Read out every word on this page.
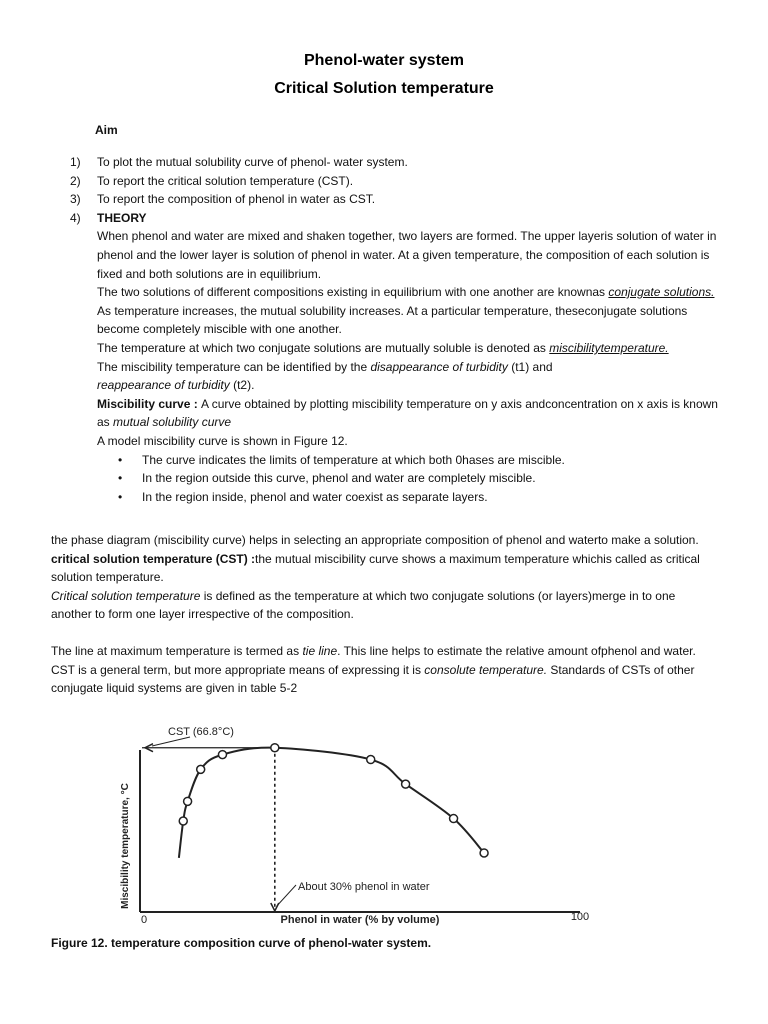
Phenol-water system
Critical Solution temperature
Aim
1)	To plot the mutual solubility curve of phenol- water system.
2)	To report the critical solution temperature (CST).
3)	To report the composition of phenol in water as CST.
4)	THEORY

When phenol and water are mixed and shaken together, two layers are formed. The upper layeris solution of water in phenol and the lower layer is solution of phenol in water. At a given temperature, the composition of each solution is fixed and both solutions are in equilibrium.

The two solutions of different compositions existing in equilibrium with one another are knownas conjugate solutions.

As temperature increases, the mutual solubility increases. At a particular temperature, theseconjugate solutions become completely miscible with one another.

The temperature at which two conjugate solutions are mutually soluble is denoted as miscibilitytemperature.

The miscibility temperature can be identified by the disappearance of turbidity (t1) and

reappearance of turbidity (t2).

Miscibility curve : A curve obtained by plotting miscibility temperature on y axis andconcentration on x axis is known as mutual solubility curve

A model miscibility curve is shown in Figure 12.

• The curve indicates the limits of temperature at which both 0hases are miscible.
• In the region outside this curve, phenol and water are completely miscible.
• In the region inside, phenol and water coexist as separate layers.

the phase diagram (miscibility curve) helps in selecting an appropriate composition of phenol and waterto make a solution.

critical solution temperature (CST) :the mutual miscibility curve shows a maximum temperature whichis called as critical solution temperature.

Critical solution temperature is defined as the temperature at which two conjugate solutions (or layers)merge in to one another to form one layer irrespective of the composition.

The line at maximum temperature is termed as tie line. This line helps to estimate the relative amount ofphenol and water. CST is a general term, but more appropriate means of expressing it is consolute temperature. Standards of CSTs of other conjugate liquid systems are given in table 5-2

Miscibility temperature, °C
Phenol in water (% by volume)
0	100
CST (66.8°C)
About 30% phenol in water
Figure 12. temperature composition curve of phenol-water system.
